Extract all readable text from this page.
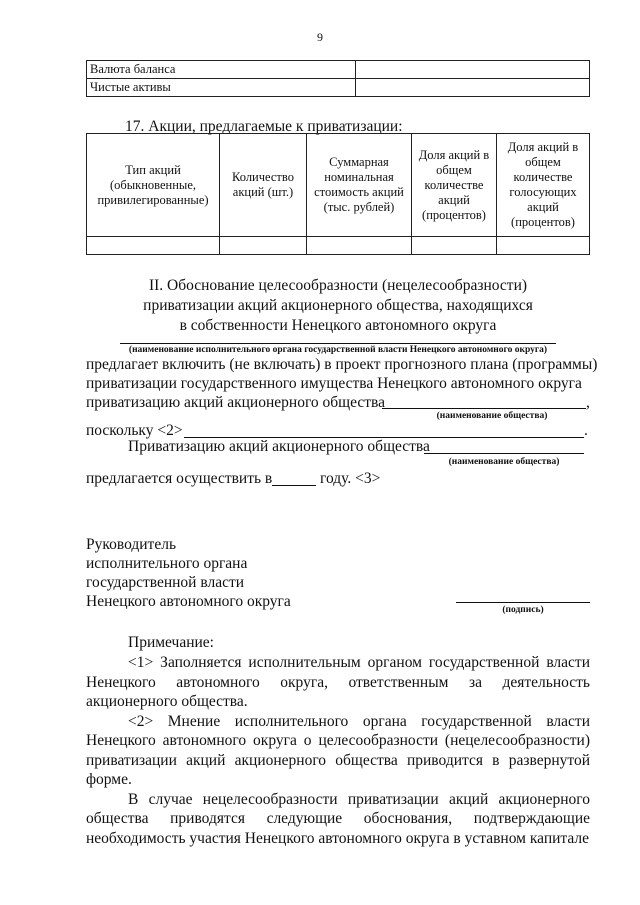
9
Валюта баланса	
Чистые активы	
17. Акции, предлагаемые к приватизации:
Тип акций (обыкновенные, привилегированные)	Количество акций (шт.)	Суммарная номинальная стоимость акций (тыс. рублей)	Доля акций в общем количестве акций (процентов)	Доля акций в общем количестве голосующих акций (процентов)

II. Обоснование целесообразности (нецелесообразности)
приватизации акций акционерного общества, находящихся
в собственности Ненецкого автономного округа
(наименование исполнительного органа государственной власти Ненецкого автономного округа)
предлагает включить (не включать) в проект прогнозного плана (программы)
приватизации государственного имущества Ненецкого автономного округа
приватизацию акций акционерного общества	,
(наименование общества)
поскольку <2>	.
Приватизацию акций акционерного общества
(наименование общества)
предлагается осуществить в	году. <3>
Руководитель
исполнительного органа
государственной власти
Ненецкого автономного округа	(подпись)
Примечание:

<1> Заполняется исполнительным органом государственной власти Ненецкого автономного округа, ответственным за деятельность акционерного общества.

<2> Мнение исполнительного органа государственной власти Ненецкого автономного округа о целесообразности (нецелесообразности) приватизации акций акционерного общества приводится в развернутой форме.

В случае нецелесообразности приватизации акций акционерного общества приводятся следующие обоснования, подтверждающие необходимость участия Ненецкого автономного округа в уставном капитале
